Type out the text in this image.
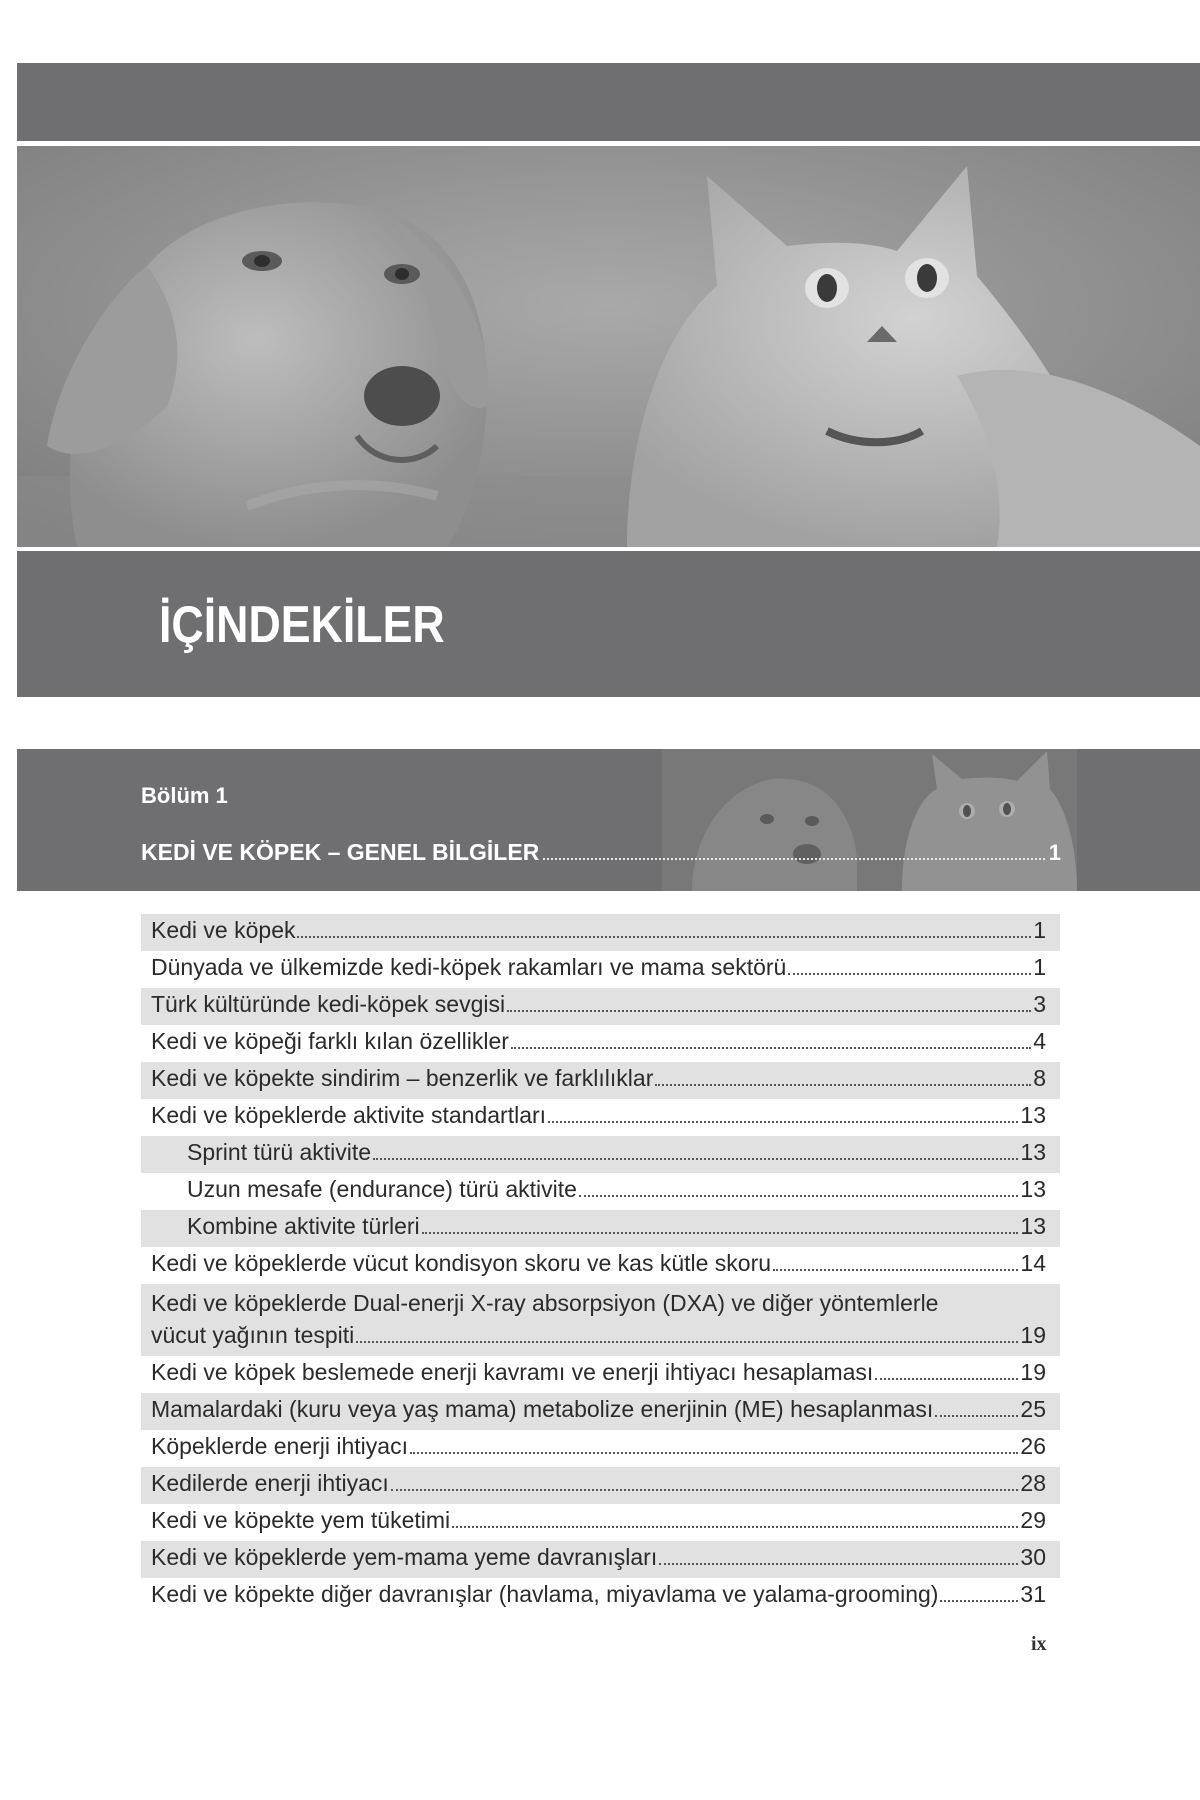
İÇİNDEKİLER
Bölüm 1
KEDİ VE KÖPEK – GENEL BİLGİLER	1
Kedi ve köpek	1
Dünyada ve ülkemizde kedi-köpek rakamları ve mama sektörü	1
Türk kültüründe kedi-köpek sevgisi	3
Kedi ve köpeği farklı kılan özellikler	4
Kedi ve köpekte sindirim – benzerlik ve farklılıklar	8
Kedi ve köpeklerde aktivite standartları	13
Sprint türü aktivite	13
Uzun mesafe (endurance) türü aktivite	13
Kombine aktivite türleri	13
Kedi ve köpeklerde vücut kondisyon skoru ve kas kütle skoru	14
Kedi ve köpeklerde Dual-enerji X-ray absorpsiyon (DXA) ve diğer yöntemlerle
vücut yağının tespiti	19
Kedi ve köpek beslemede enerji kavramı ve enerji ihtiyacı hesaplaması	19
Mamalardaki (kuru veya yaş mama) metabolize enerjinin (ME) hesaplanması	25
Köpeklerde enerji ihtiyacı	26
Kedilerde enerji ihtiyacı	28
Kedi ve köpekte yem tüketimi	29
Kedi ve köpeklerde yem-mama yeme davranışları	30
Kedi ve köpekte diğer davranışlar (havlama, miyavlama ve yalama-grooming)	31
ix
